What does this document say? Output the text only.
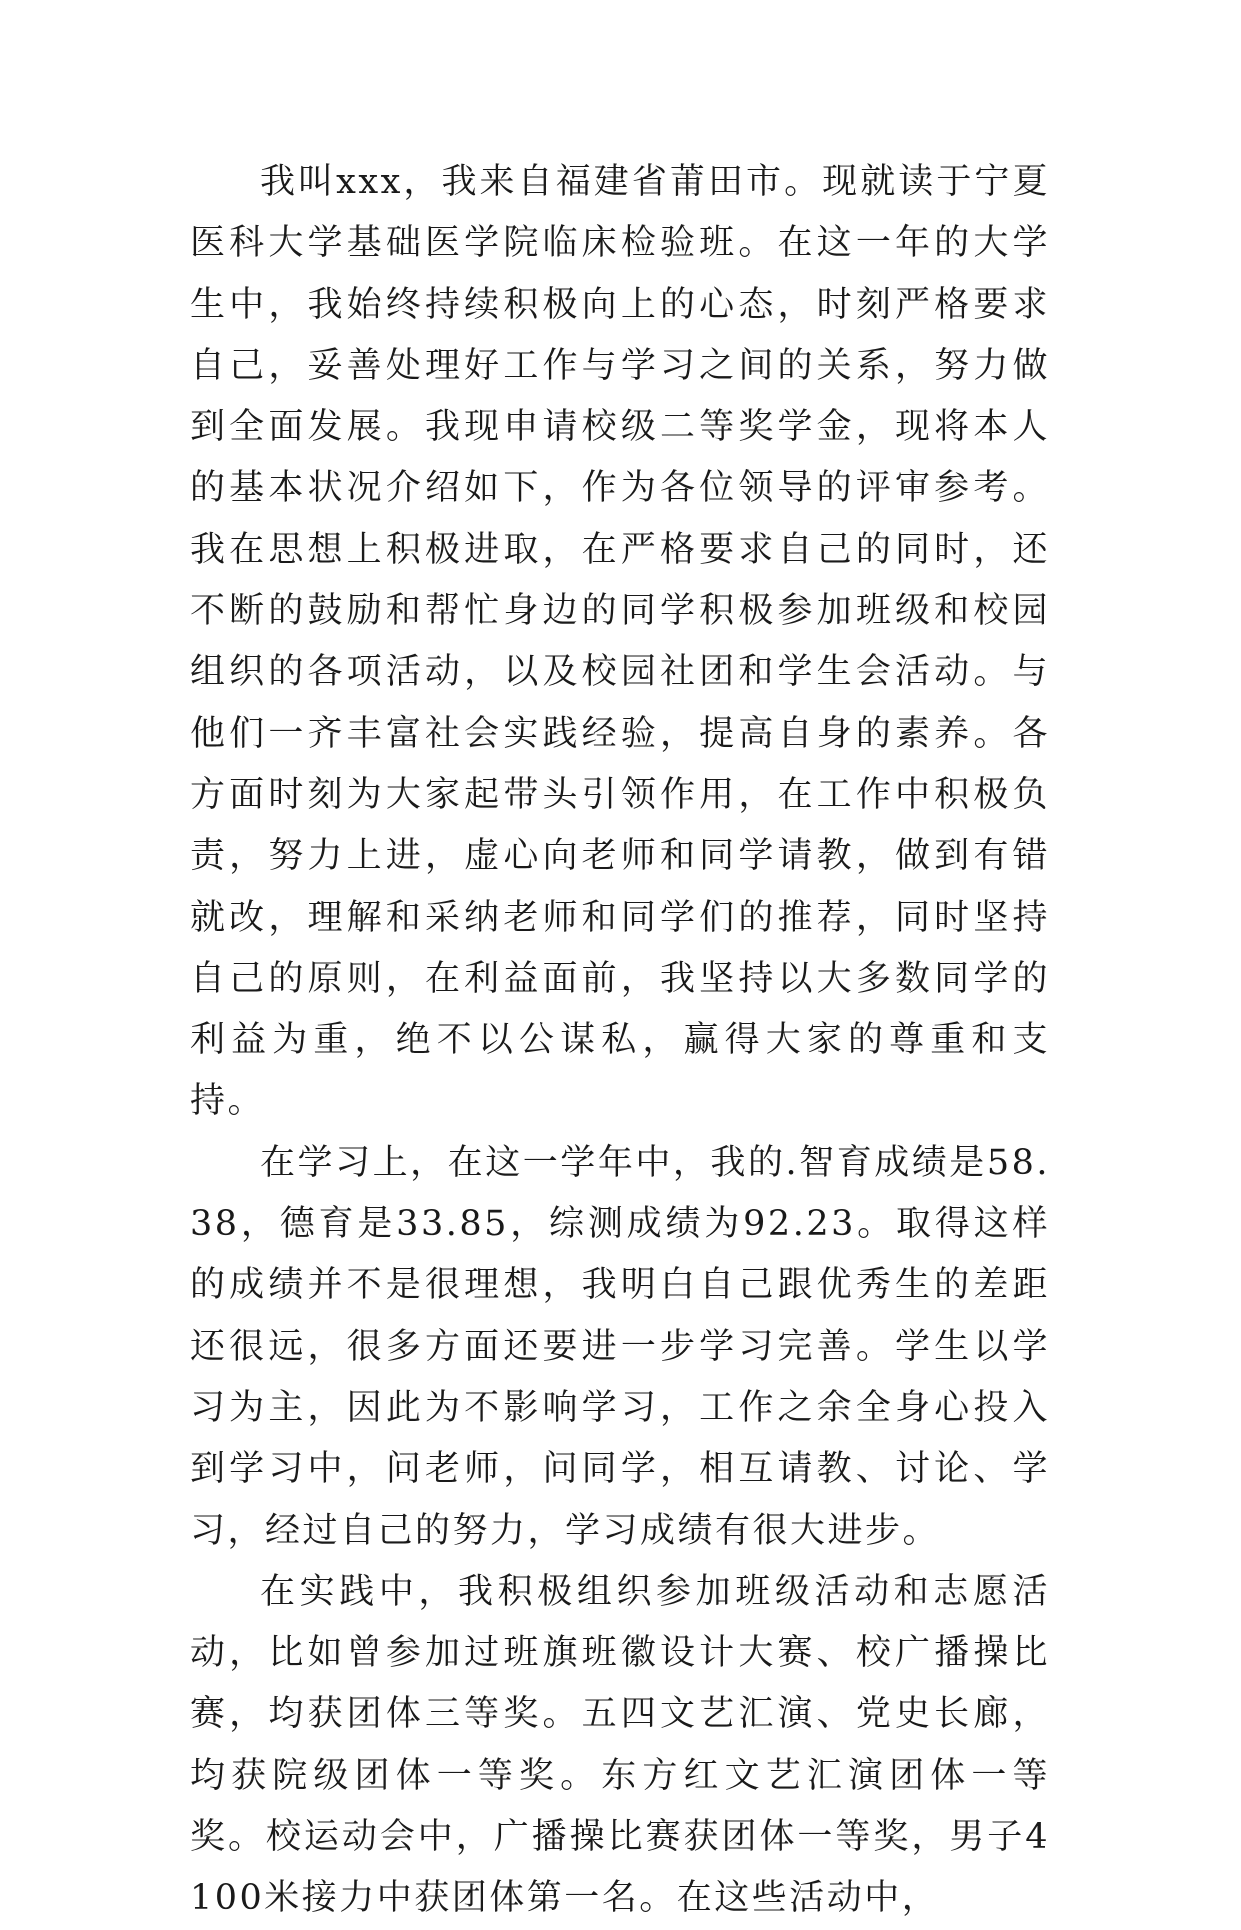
我叫xxx，我来自福建省莆田市。现就读于宁夏医科大学基础医学院临床检验班。在这一年的大学生中，我始终持续积极向上的心态，时刻严格要求自己，妥善处理好工作与学习之间的关系，努力做到全面发展。我现申请校级二等奖学金，现将本人的基本状况介绍如下，作为各位领导的评审参考。我在思想上积极进取，在严格要求自己的同时，还不断的鼓励和帮忙身边的同学积极参加班级和校园组织的各项活动，以及校园社团和学生会活动。与他们一齐丰富社会实践经验，提高自身的素养。各方面时刻为大家起带头引领作用，在工作中积极负责，努力上进，虚心向老师和同学请教，做到有错就改，理解和采纳老师和同学们的推荐，同时坚持自己的原则，在利益面前，我坚持以大多数同学的利益为重，绝不以公谋私，赢得大家的尊重和支持。

在学习上，在这一学年中，我的.智育成绩是58.38，德育是33.85，综测成绩为92.23。取得这样的成绩并不是很理想，我明白自己跟优秀生的差距还很远，很多方面还要进一步学习完善。学生以学习为主，因此为不影响学习，工作之余全身心投入到学习中，问老师，问同学，相互请教、讨论、学习，经过自己的努力，学习成绩有很大进步。

在实践中，我积极组织参加班级活动和志愿活动，比如曾参加过班旗班徽设计大赛、校广播操比赛，均获团体三等奖。五四文艺汇演、党史长廊，均获院级团体一等奖。东方红文艺汇演团体一等奖。校运动会中，广播操比赛获团体一等奖，男子4100米接力中获团体第一名。在这些活动中，
